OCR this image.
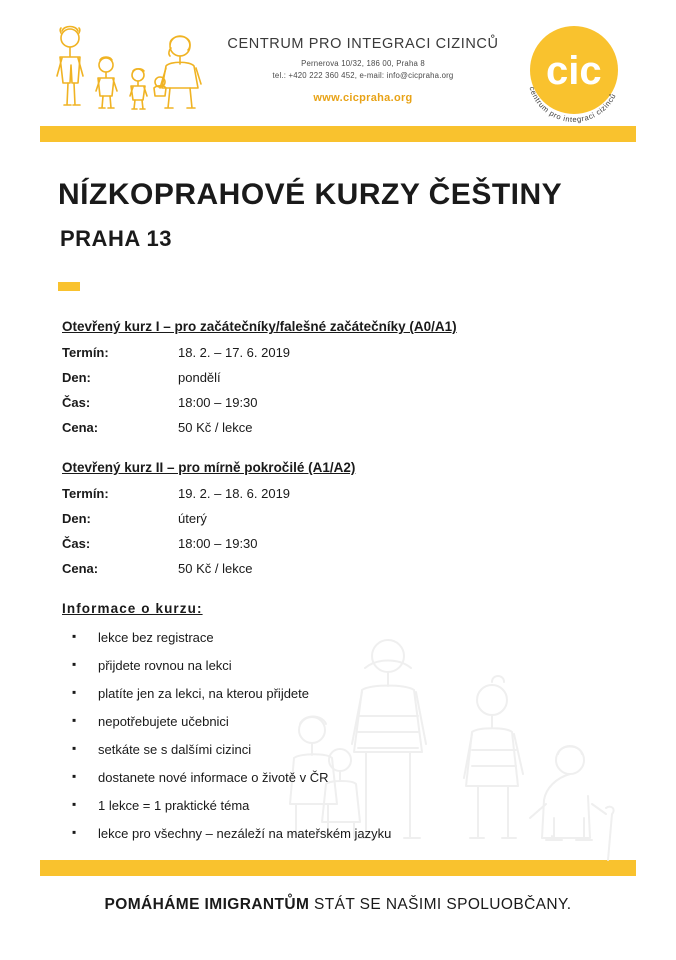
CENTRUM PRO INTEGRACI CIZINCŮ
Pernerova 10/32, 186 00, Praha 8
tel.: +420 222 360 452, e-mail: info@cicpraha.org
www.cicpraha.org
cic
centrum pro integraci cizinců
NÍZKOPRAHOVÉ KURZY ČEŠTINY
PRAHA 13
Otevřený kurz I – pro začátečníky/falešné začátečníky (A0/A1)
Termín:	18. 2. – 17. 6. 2019
Den:	pondělí
Čas:	18:00 – 19:30
Cena:	50 Kč / lekce
Otevřený kurz II – pro mírně pokročilé (A1/A2)
Termín:	19. 2. – 18. 6. 2019
Den:	úterý
Čas:	18:00 – 19:30
Cena:	50 Kč / lekce
Informace o kurzu:
▪ lekce bez registrace
▪ přijdete rovnou na lekci
▪ platíte jen za lekci, na kterou přijdete
▪ nepotřebujete učebnici
▪ setkáte se s dalšími cizinci
▪ dostanete nové informace o životě v ČR
▪ 1 lekce = 1 praktické téma
▪ lekce pro všechny – nezáleží na mateřském jazyku
POMÁHÁME IMIGRANTŮM STÁT SE NAŠIMI SPOLUOBČANY.
